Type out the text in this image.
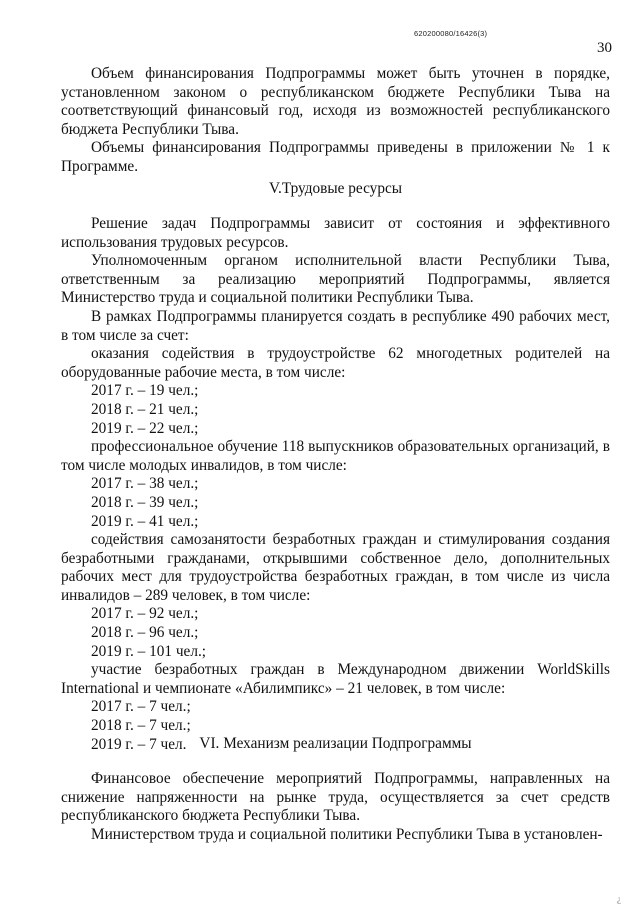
620200080/16426(3)
30

Объем финансирования Подпрограммы может быть уточнен в порядке, установленном законом о республиканском бюджете Республики Тыва на соответствующий финансовый год, исходя из возможностей республиканского бюджета Республики Тыва.

Объемы финансирования Подпрограммы приведены в приложении № 1 к Программе.

V.Трудовые ресурсы

Решение задач Подпрограммы зависит от состояния и эффективного использования трудовых ресурсов.

Уполномоченным органом исполнительной власти Республики Тыва, ответственным за реализацию мероприятий Подпрограммы, является Министерство труда и социальной политики Республики Тыва.

В рамках Подпрограммы планируется создать в республике 490 рабочих мест, в том числе за счет:

оказания содействия в трудоустройстве 62 многодетных родителей на оборудованные рабочие места, в том числе:

2017 г. – 19 чел.;
2018 г. – 21 чел.;
2019 г. – 22 чел.;

профессиональное обучение 118 выпускников образовательных организаций, в том числе молодых инвалидов, в том числе:

2017 г. – 38 чел.;
2018 г. – 39 чел.;
2019 г. – 41 чел.;

содействия самозанятости безработных граждан и стимулирования создания безработными гражданами, открывшими собственное дело, дополнительных рабочих мест для трудоустройства безработных граждан, в том числе из числа инвалидов – 289 человек, в том числе:

2017 г. – 92 чел.;
2018 г. – 96 чел.;
2019 г. – 101 чел.;

участие безработных граждан в Международном движении WorldSkills International и чемпионате «Абилимпикс» – 21 человек, в том числе:

2017 г. – 7 чел.;
2018 г. – 7 чел.;
2019 г. – 7 чел. VI. Механизм реализации Подпрограммы

Финансовое обеспечение мероприятий Подпрограммы, направленных на снижение напряженности на рынке труда, осуществляется за счет средств республиканского бюджета Республики Тыва.

Министерством труда и социальной политики Республики Тыва в установлен-

¿
